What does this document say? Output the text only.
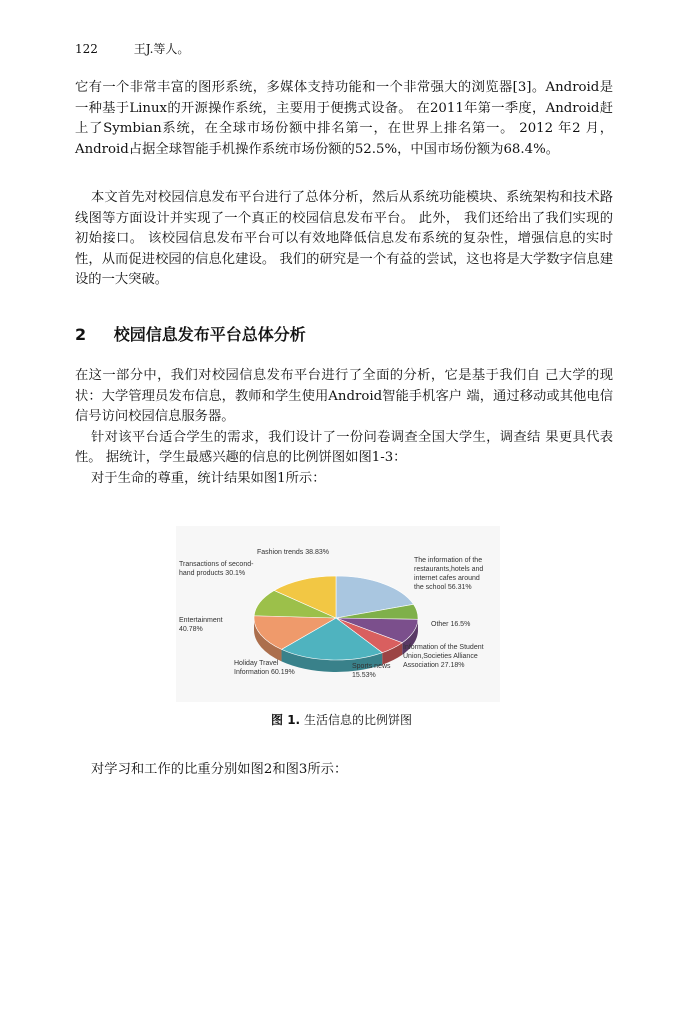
122	王J.等人。

它有一个非常丰富的图形系统，多媒体支持功能和一个非常强大的浏览器[3]。Android是一种基于Linux的开源操作系统，主要用于便携式设备。 在2011年第一季度，Android赶上了Symbian系统，在全球市场份额中排名第一，在世界上排名第一。 2012 年2 月，Android占据全球智能手机操作系统市场份额的52.5%，中国市场份额为68.4%。

本文首先对校园信息发布平台进行了总体分析，然后从系统功能模块、系统架构和技术路线图等方面设计并实现了一个真正的校园信息发布平台。 此外， 我们还给出了我们实现的初始接口。 该校园信息发布平台可以有效地降低信息发布系统的复杂性，增强信息的实时性，从而促进校园的信息化建设。 我们的研究是一个有益的尝试，这也将是大学数字信息建设的一大突破。

2 校园信息发布平台总体分析

在这一部分中，我们对校园信息发布平台进行了全面的分析，它是基于我们自 己大学的现状：大学管理员发布信息，教师和学生使用Android智能手机客户 端，通过移动或其他电信信号访问校园信息服务器。

针对该平台适合学生的需求，我们设计了一份问卷调查全国大学生，调查结 果更具代表性。 据统计，学生最感兴趣的信息的比例饼图如图1-3：

对于生命的尊重，统计结果如图1所示：

The information of the restaurants,hotels and internet cafes around the school 56.31%
Other 16.5%
Information of the Student Union,Societies Alliance Association 27.18%
Sports news 15.53%
Holiday Travel Information 60.19%
Entertainment 40.78%
Transactions of second-hand products 30.1%
Fashion trends 38.83%
图 1. 生活信息的比例饼图

对学习和工作的比重分别如图2和图3所示：
